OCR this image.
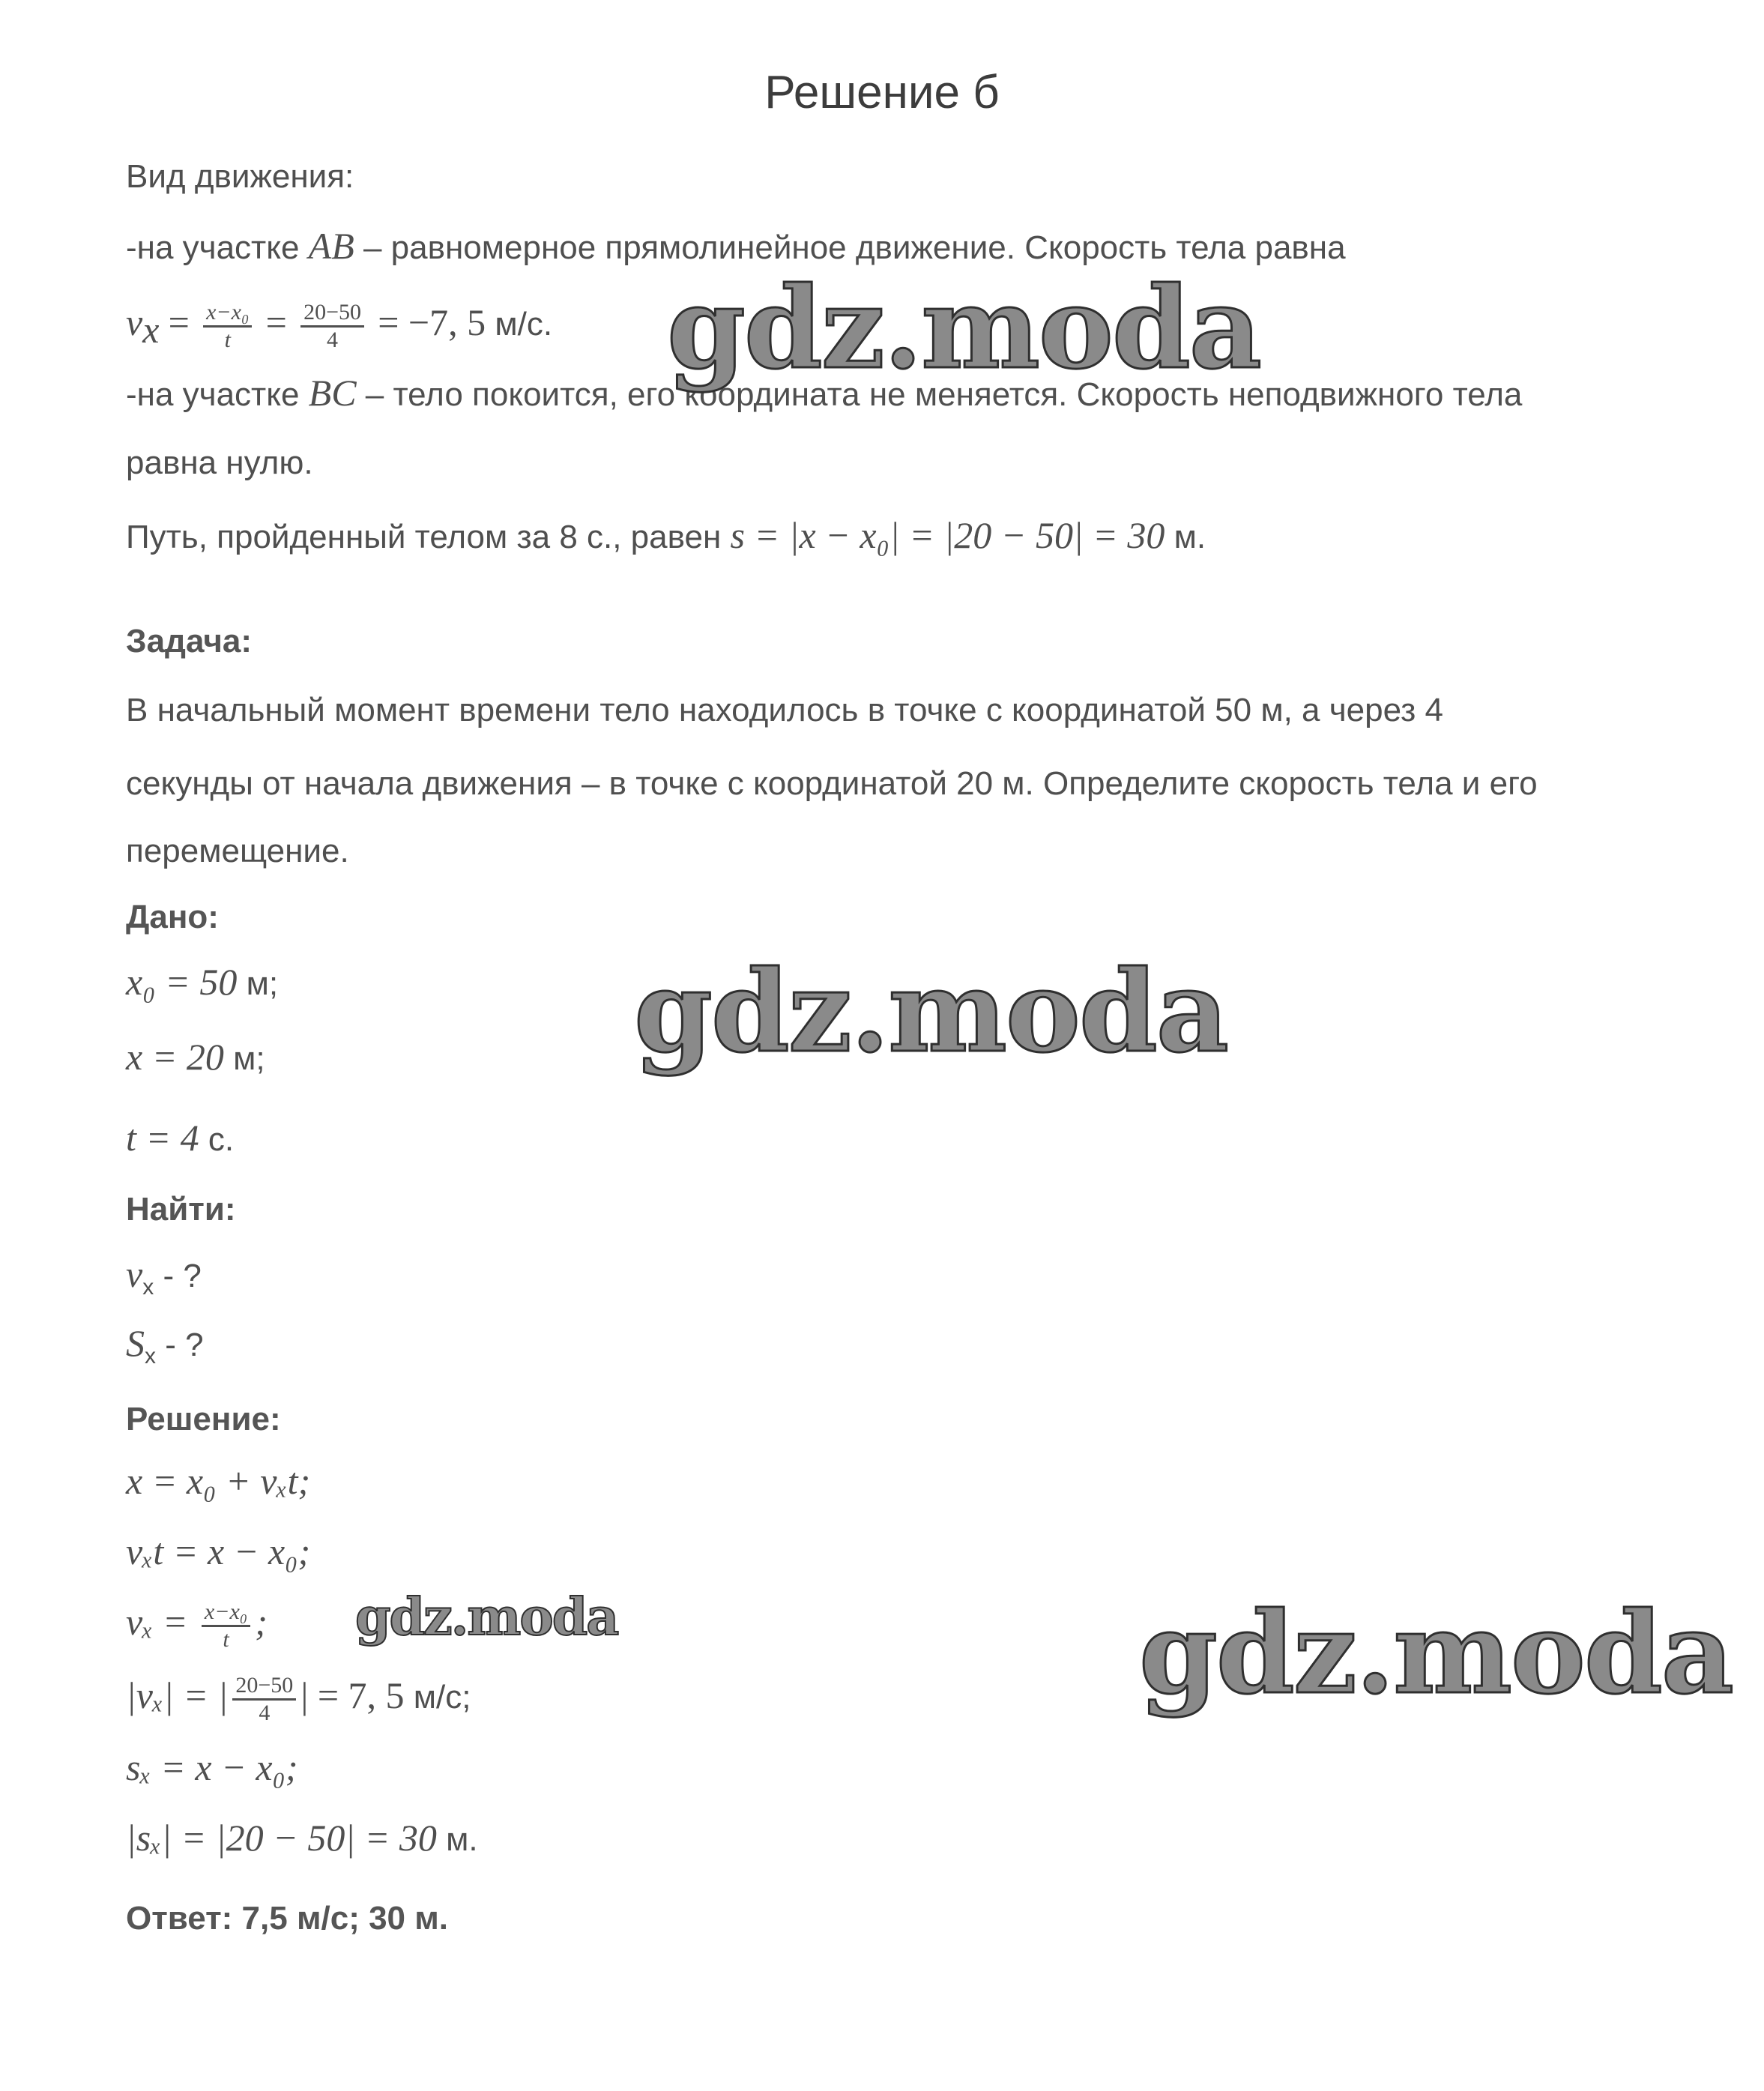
Решение б
Вид движения:
-на участке AB – равномерное прямолинейное движение. Скорость тела равна
$v_x = \frac{\text{x−x₀}}{t} = \frac{20-50}{4} = -7$, 5 м/с.
-на участке BC – тело покоится, его координата не меняется. Скорость неподвижного тела
равна нулю.
Путь, пройденный телом за 8 с., равен s = |x − x₀| = |20 − 50| = 30 м.
Задача:
В начальный момент времени тело находилось в точке с координатой 50 м, а через 4
секунды от начала движения – в точке с координатой 20 м. Определите скорость тела и его
перемещение.
Дано:
x₀ = 50 м;
x = 20 м;
t = 4 с.
Найти:
$v_x$ - ?
$S_x$ - ?
Решение:
x = x₀ + vₓt;
vₓt = x − x₀;
$v_x = \frac{\text{x−x₀}}{t}$ ;
|vₓ| = | $\frac{20-50}{4}$ | = 7, 5 м/с;
sₓ = x − x₀;
|sₓ| = |20 − 50| = 30 м.
Ответ: 7,5 м/с; 30 м.
gdz.moda
gdz.moda
gdz.moda	gdz.moda
